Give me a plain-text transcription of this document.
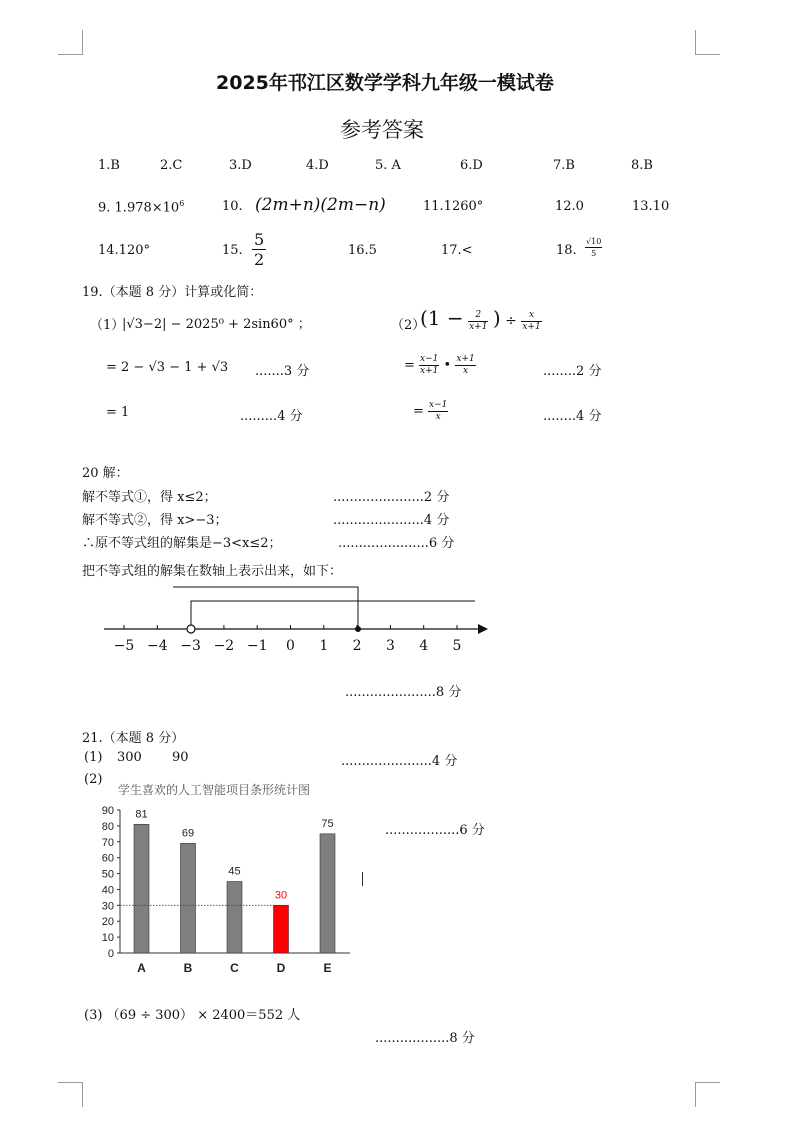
2025年邗江区数学学科九年级一模试卷
参考答案
1.B	2.C	3.D	4.D	5. A	6.D	7.B	8.B
9. $1.978\times 10^6$	10. (2m+n)(2m−n)	11.1260°	12.0	13.10
14.120°	15.
5
2	16.5	17.<	18. $\frac{√10}{5}$
19.（本题 8 分）计算或化简：
（1）
|√3−2| − 2025⁰ + 2sin60° ；
= 2 − √3 − 1 + √3 .......3 分
= 1	.........4 分
（2）
($1 - \frac{2}{x+1}$ ) ÷ $\frac{x}{x+1}$
= $\frac{x-1}{x+1}$ • $\frac{x+1}{x}$	........2 分
= $\frac{x-1}{x}$	........4 分
20 解：
解不等式①，得 x≤2；	......................2 分
解不等式②，得 x>−3；	......................4 分
∴原不等式组的解集是−3<x≤2；	......................6 分
把不等式组的解集在数轴上表示出来，如下：
−5 −4 −3 −2 −1 0 1 2 3 4 5
......................8 分
21.（本题 8 分）
(1) 300 90	......................4 分
(2)
学生喜欢的人工智能项目条形统计图
0
10
20
30
40
50
60
70
80
90 81
A
69
B
45
C
30
D
75
E
..................6 分
(3) （69 ÷ 300） × 2400＝552 人
..................8 分
